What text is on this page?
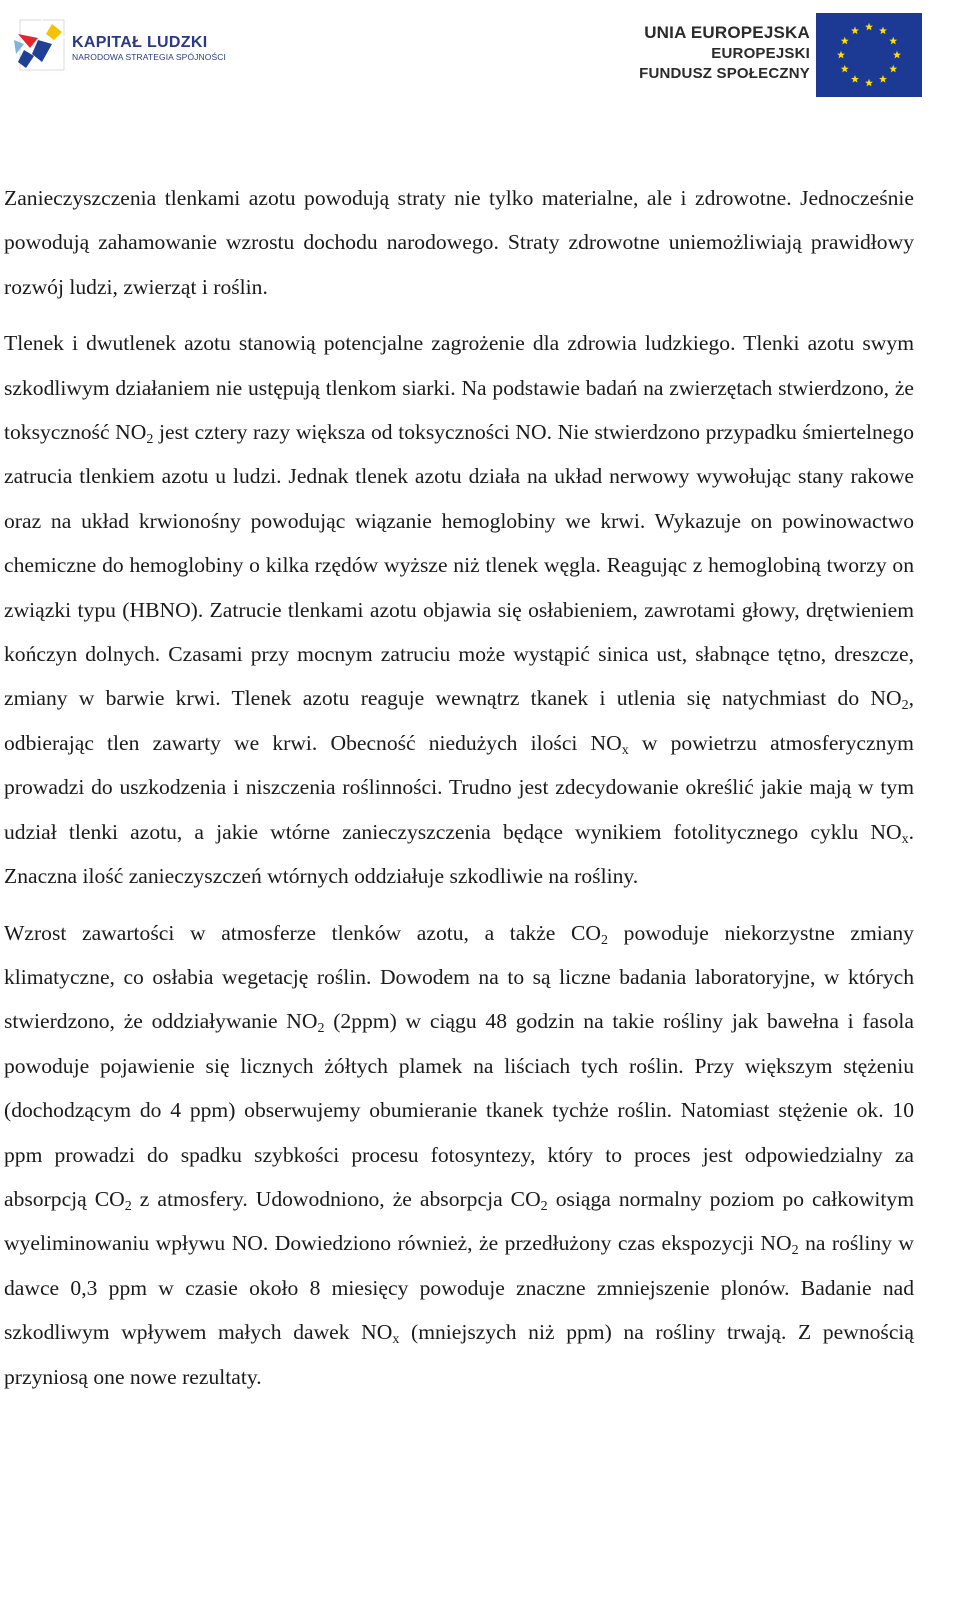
KAPITAŁ LUDZKI
NARODOWA STRATEGIA SPÓJNOŚCI
UNIA EUROPEJSKA
EUROPEJSKI
FUNDUSZ SPOŁECZNY

Zanieczyszczenia tlenkami azotu powodują straty nie tylko materialne, ale i zdrowotne. Jednocześnie powodują zahamowanie wzrostu dochodu narodowego. Straty zdrowotne uniemożliwiają prawidłowy rozwój ludzi, zwierząt i roślin.

Tlenek i dwutlenek azotu stanowią potencjalne zagrożenie dla zdrowia ludzkiego. Tlenki azotu swym szkodliwym działaniem nie ustępują tlenkom siarki. Na podstawie badań na zwierzętach stwierdzono, że toksyczność $NO_2$ jest cztery razy większa od toksyczności NO. Nie stwierdzono przypadku śmiertelnego zatrucia tlenkiem azotu u ludzi. Jednak tlenek azotu działa na układ nerwowy wywołując stany rakowe oraz na układ krwionośny powodując wiązanie hemoglobiny we krwi. Wykazuje on powinowactwo chemiczne do hemoglobiny o kilka rzędów wyższe niż tlenek węgla. Reagując z hemoglobiną tworzy on związki typu (HBNO). Zatrucie tlenkami azotu objawia się osłabieniem, zawrotami głowy, drętwieniem kończyn dolnych. Czasami przy mocnym zatruciu może wystąpić sinica ust, słabnące tętno, dreszcze, zmiany w barwie krwi. Tlenek azotu reaguje wewnątrz tkanek i utlenia się natychmiast do $NO_2$, odbierając tlen zawarty we krwi. Obecność niedużych ilości $NO_x$ w powietrzu atmosferycznym prowadzi do uszkodzenia i niszczenia roślinności. Trudno jest zdecydowanie określić jakie mają w tym udział tlenki azotu, a jakie wtórne zanieczyszczenia będące wynikiem fotolitycznego cyklu $NO_x$. Znaczna ilość zanieczyszczeń wtórnych oddziałuje szkodliwie na rośliny.

Wzrost zawartości w atmosferze tlenków azotu, a także $CO_2$ powoduje niekorzystne zmiany klimatyczne, co osłabia wegetację roślin. Dowodem na to są liczne badania laboratoryjne, w których stwierdzono, że oddziaływanie $NO_2$ (2ppm) w ciągu 48 godzin na takie rośliny jak bawełna i fasola powoduje pojawienie się licznych żółtych plamek na liściach tych roślin. Przy większym stężeniu (dochodzącym do 4 ppm) obserwujemy obumieranie tkanek tychże roślin. Natomiast stężenie ok. 10 ppm prowadzi do spadku szybkości procesu fotosyntezy, który to proces jest odpowiedzialny za absorpcją $CO_2$ z atmosfery. Udowodniono, że absorpcja $CO_2$ osiąga normalny poziom po całkowitym wyeliminowaniu wpływu NO. Dowiedziono również, że przedłużony czas ekspozycji $NO_2$ na rośliny w dawce 0,3 ppm w czasie około 8 miesięcy powoduje znaczne zmniejszenie plonów. Badanie nad szkodliwym wpływem małych dawek $NO_x$ (mniejszych niż ppm) na rośliny trwają. Z pewnością przyniosą one nowe rezultaty.
